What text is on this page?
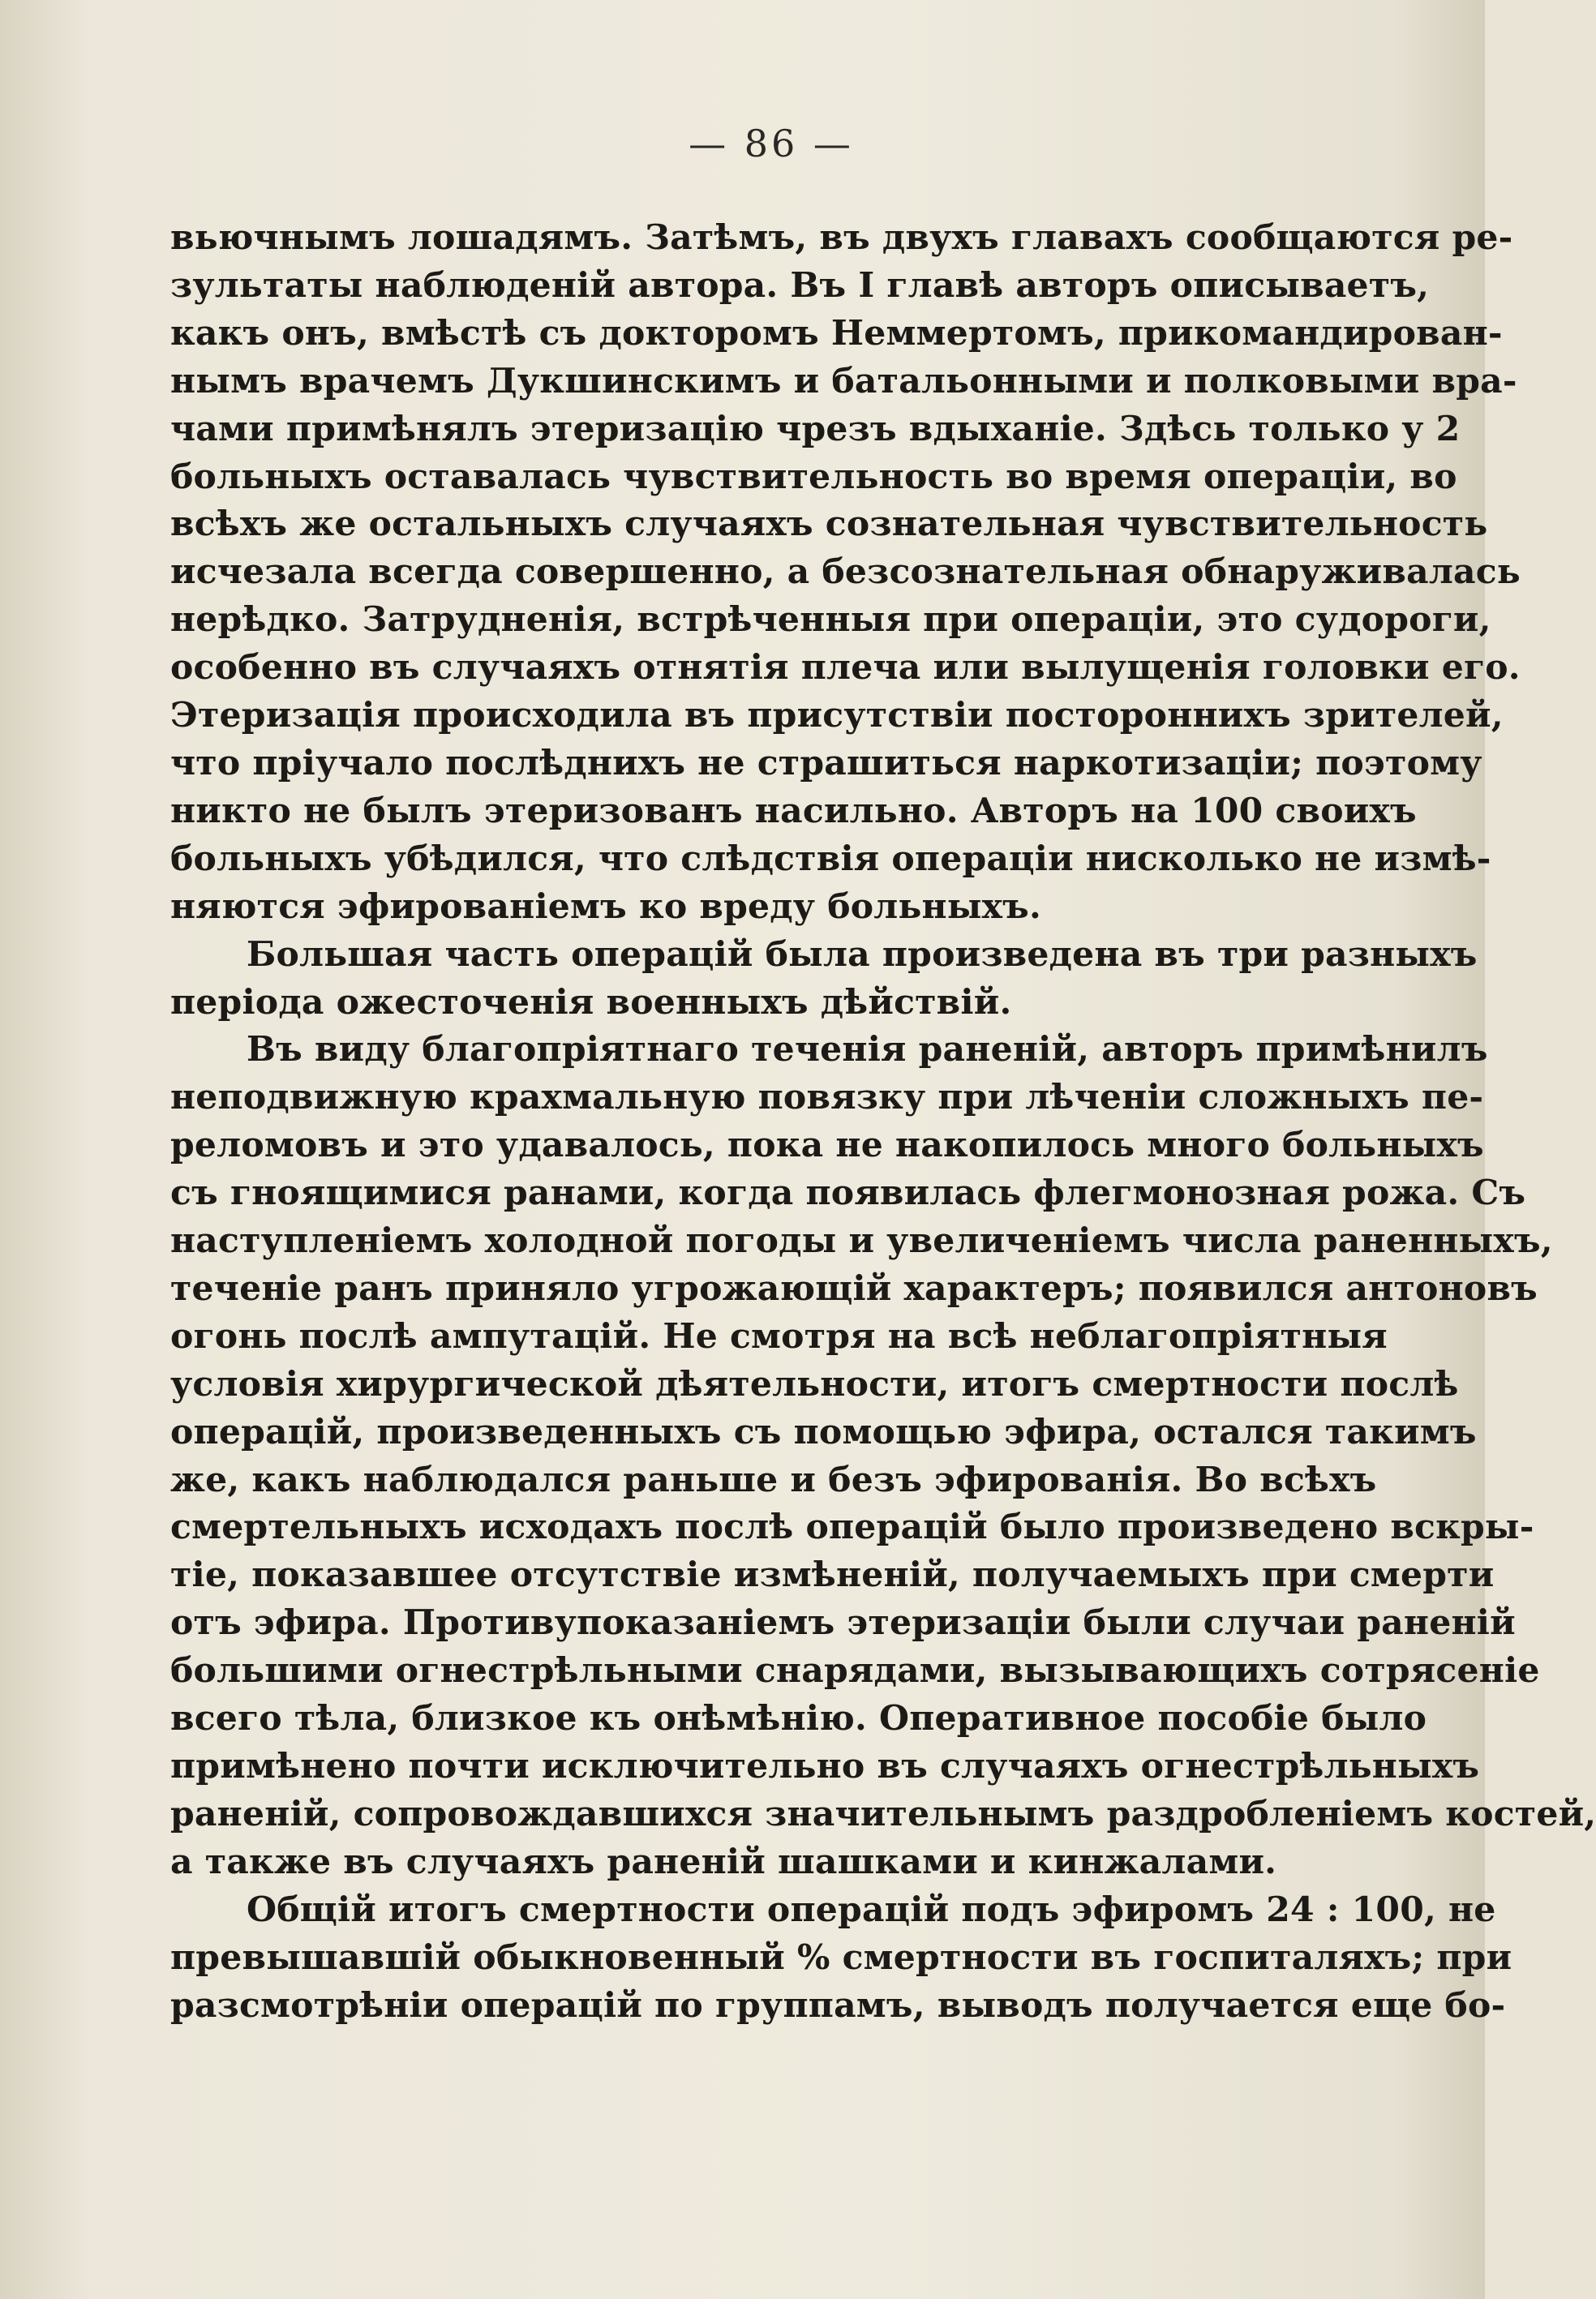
— 86 —
вьючнымъ лошадямъ. Затѣмъ, въ двухъ главахъ сообщаются ре-
зультаты наблюденій автора. Въ I главѣ авторъ описываетъ,
какъ онъ, вмѣстѣ съ докторомъ Неммертомъ, прикомандирован-
нымъ врачемъ Дукшинскимъ и батальонными и полковыми вра-
чами примѣнялъ этеризацію чрезъ вдыханіе. Здѣсь только у 2
больныхъ оставалась чувствительность во время операціи, во
всѣхъ же остальныхъ случаяхъ сознательная чувствительность
исчезала всегда совершенно, а безсознательная обнаруживалась
нерѣдко. Затрудненія, встрѣченныя при операціи, это судороги,
особенно въ случаяхъ отнятія плеча или вылущенія головки его.
Этеризація происходила въ присутствіи постороннихъ зрителей,
что пріучало послѣднихъ не страшиться наркотизаціи; поэтому
никто не былъ этеризованъ насильно. Авторъ на 100 своихъ
больныхъ убѣдился, что слѣдствія операціи нисколько не измѣ-
няются эфированіемъ ко вреду больныхъ.
Большая часть операцій была произведена въ три разныхъ
періода ожесточенія военныхъ дѣйствій.
Въ виду благопріятнаго теченія раненій, авторъ примѣнилъ
неподвижную крахмальную повязку при лѣченіи сложныхъ пе-
реломовъ и это удавалось, пока не накопилось много больныхъ
съ гноящимися ранами, когда появилась флегмонозная рожа. Съ
наступленіемъ холодной погоды и увеличеніемъ числа раненныхъ,
теченіе ранъ приняло угрожающій характеръ; появился антоновъ
огонь послѣ ампутацій. Не смотря на всѣ неблагопріятныя
условія хирургической дѣятельности, итогъ смертности послѣ
операцій, произведенныхъ съ помощью эфира, остался такимъ
же, какъ наблюдался раньше и безъ эфированія. Во всѣхъ
смертельныхъ исходахъ послѣ операцій было произведено вскры-
тіе, показавшее отсутствіе измѣненій, получаемыхъ при смерти
отъ эфира. Противупоказаніемъ этеризаціи были случаи раненій
большими огнестрѣльными снарядами, вызывающихъ сотрясеніе
всего тѣла, близкое къ онѣмѣнію. Оперативное пособіе было
примѣнено почти исключительно въ случаяхъ огнестрѣльныхъ
раненій, сопровождавшихся значительнымъ раздробленіемъ костей,
а также въ случаяхъ раненій шашками и кинжалами.
Общій итогъ смертности операцій подъ эфиромъ 24 : 100, не
превышавшій обыкновенный % смертности въ госпиталяхъ; при
разсмотрѣніи операцій по группамъ, выводъ получается еще бо-
